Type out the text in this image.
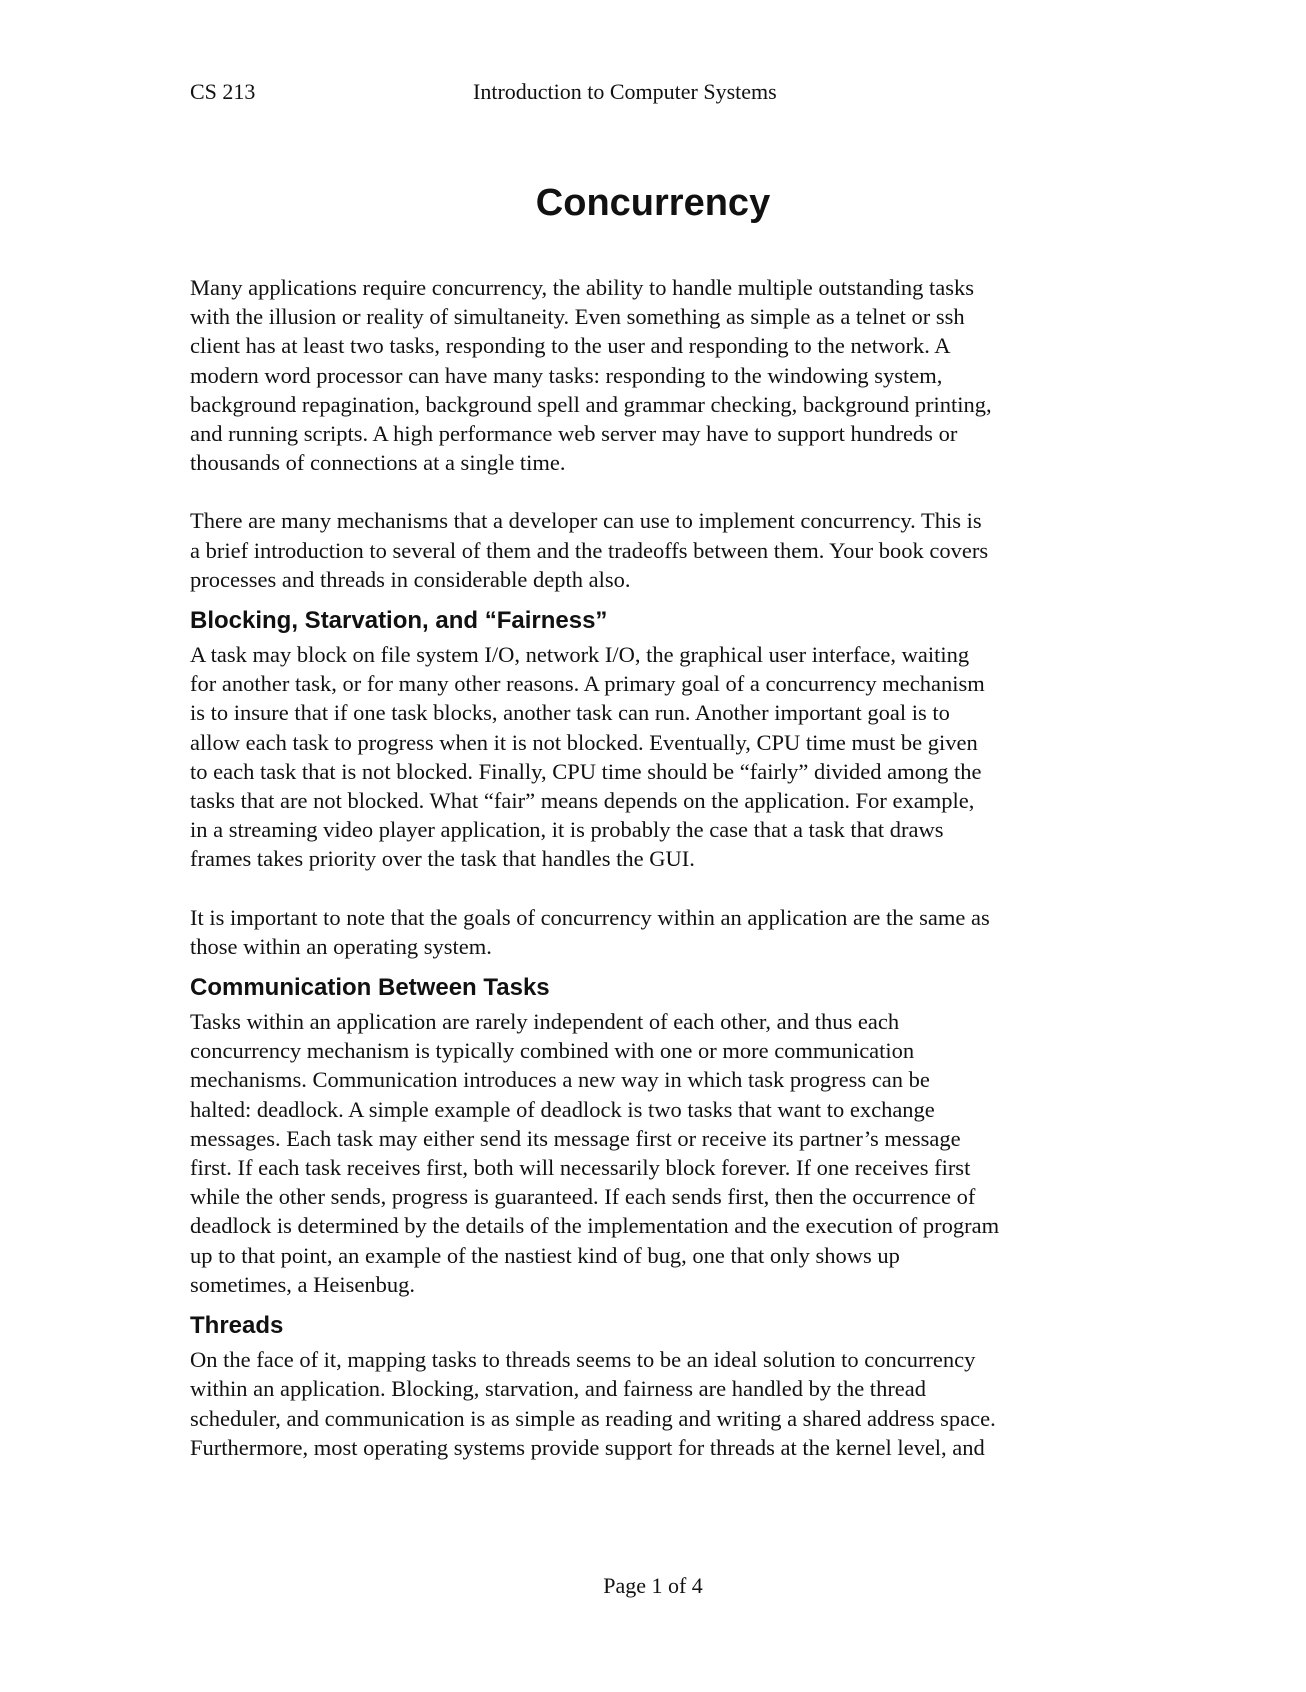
CS 213	Introduction to Computer Systems
Concurrency

Many applications require concurrency, the ability to handle multiple outstanding tasks
with the illusion or reality of simultaneity. Even something as simple as a telnet or ssh
client has at least two tasks, responding to the user and responding to the network. A
modern word processor can have many tasks: responding to the windowing system,
background repagination, background spell and grammar checking, background printing,
and running scripts. A high performance web server may have to support hundreds or
thousands of connections at a single time.

There are many mechanisms that a developer can use to implement concurrency. This is
a brief introduction to several of them and the tradeoffs between them. Your book covers
processes and threads in considerable depth also.

Blocking, Starvation, and “Fairness”

A task may block on file system I/O, network I/O, the graphical user interface, waiting
for another task, or for many other reasons. A primary goal of a concurrency mechanism
is to insure that if one task blocks, another task can run. Another important goal is to
allow each task to progress when it is not blocked. Eventually, CPU time must be given
to each task that is not blocked. Finally, CPU time should be “fairly” divided among the
tasks that are not blocked. What “fair” means depends on the application. For example,
in a streaming video player application, it is probably the case that a task that draws
frames takes priority over the task that handles the GUI.

It is important to note that the goals of concurrency within an application are the same as
those within an operating system.

Communication Between Tasks

Tasks within an application are rarely independent of each other, and thus each
concurrency mechanism is typically combined with one or more communication
mechanisms. Communication introduces a new way in which task progress can be
halted: deadlock. A simple example of deadlock is two tasks that want to exchange
messages. Each task may either send its message first or receive its partner’s message
first. If each task receives first, both will necessarily block forever. If one receives first
while the other sends, progress is guaranteed. If each sends first, then the occurrence of
deadlock is determined by the details of the implementation and the execution of program
up to that point, an example of the nastiest kind of bug, one that only shows up
sometimes, a Heisenbug.

Threads

On the face of it, mapping tasks to threads seems to be an ideal solution to concurrency
within an application. Blocking, starvation, and fairness are handled by the thread
scheduler, and communication is as simple as reading and writing a shared address space.
Furthermore, most operating systems provide support for threads at the kernel level, and

Page 1 of 4
